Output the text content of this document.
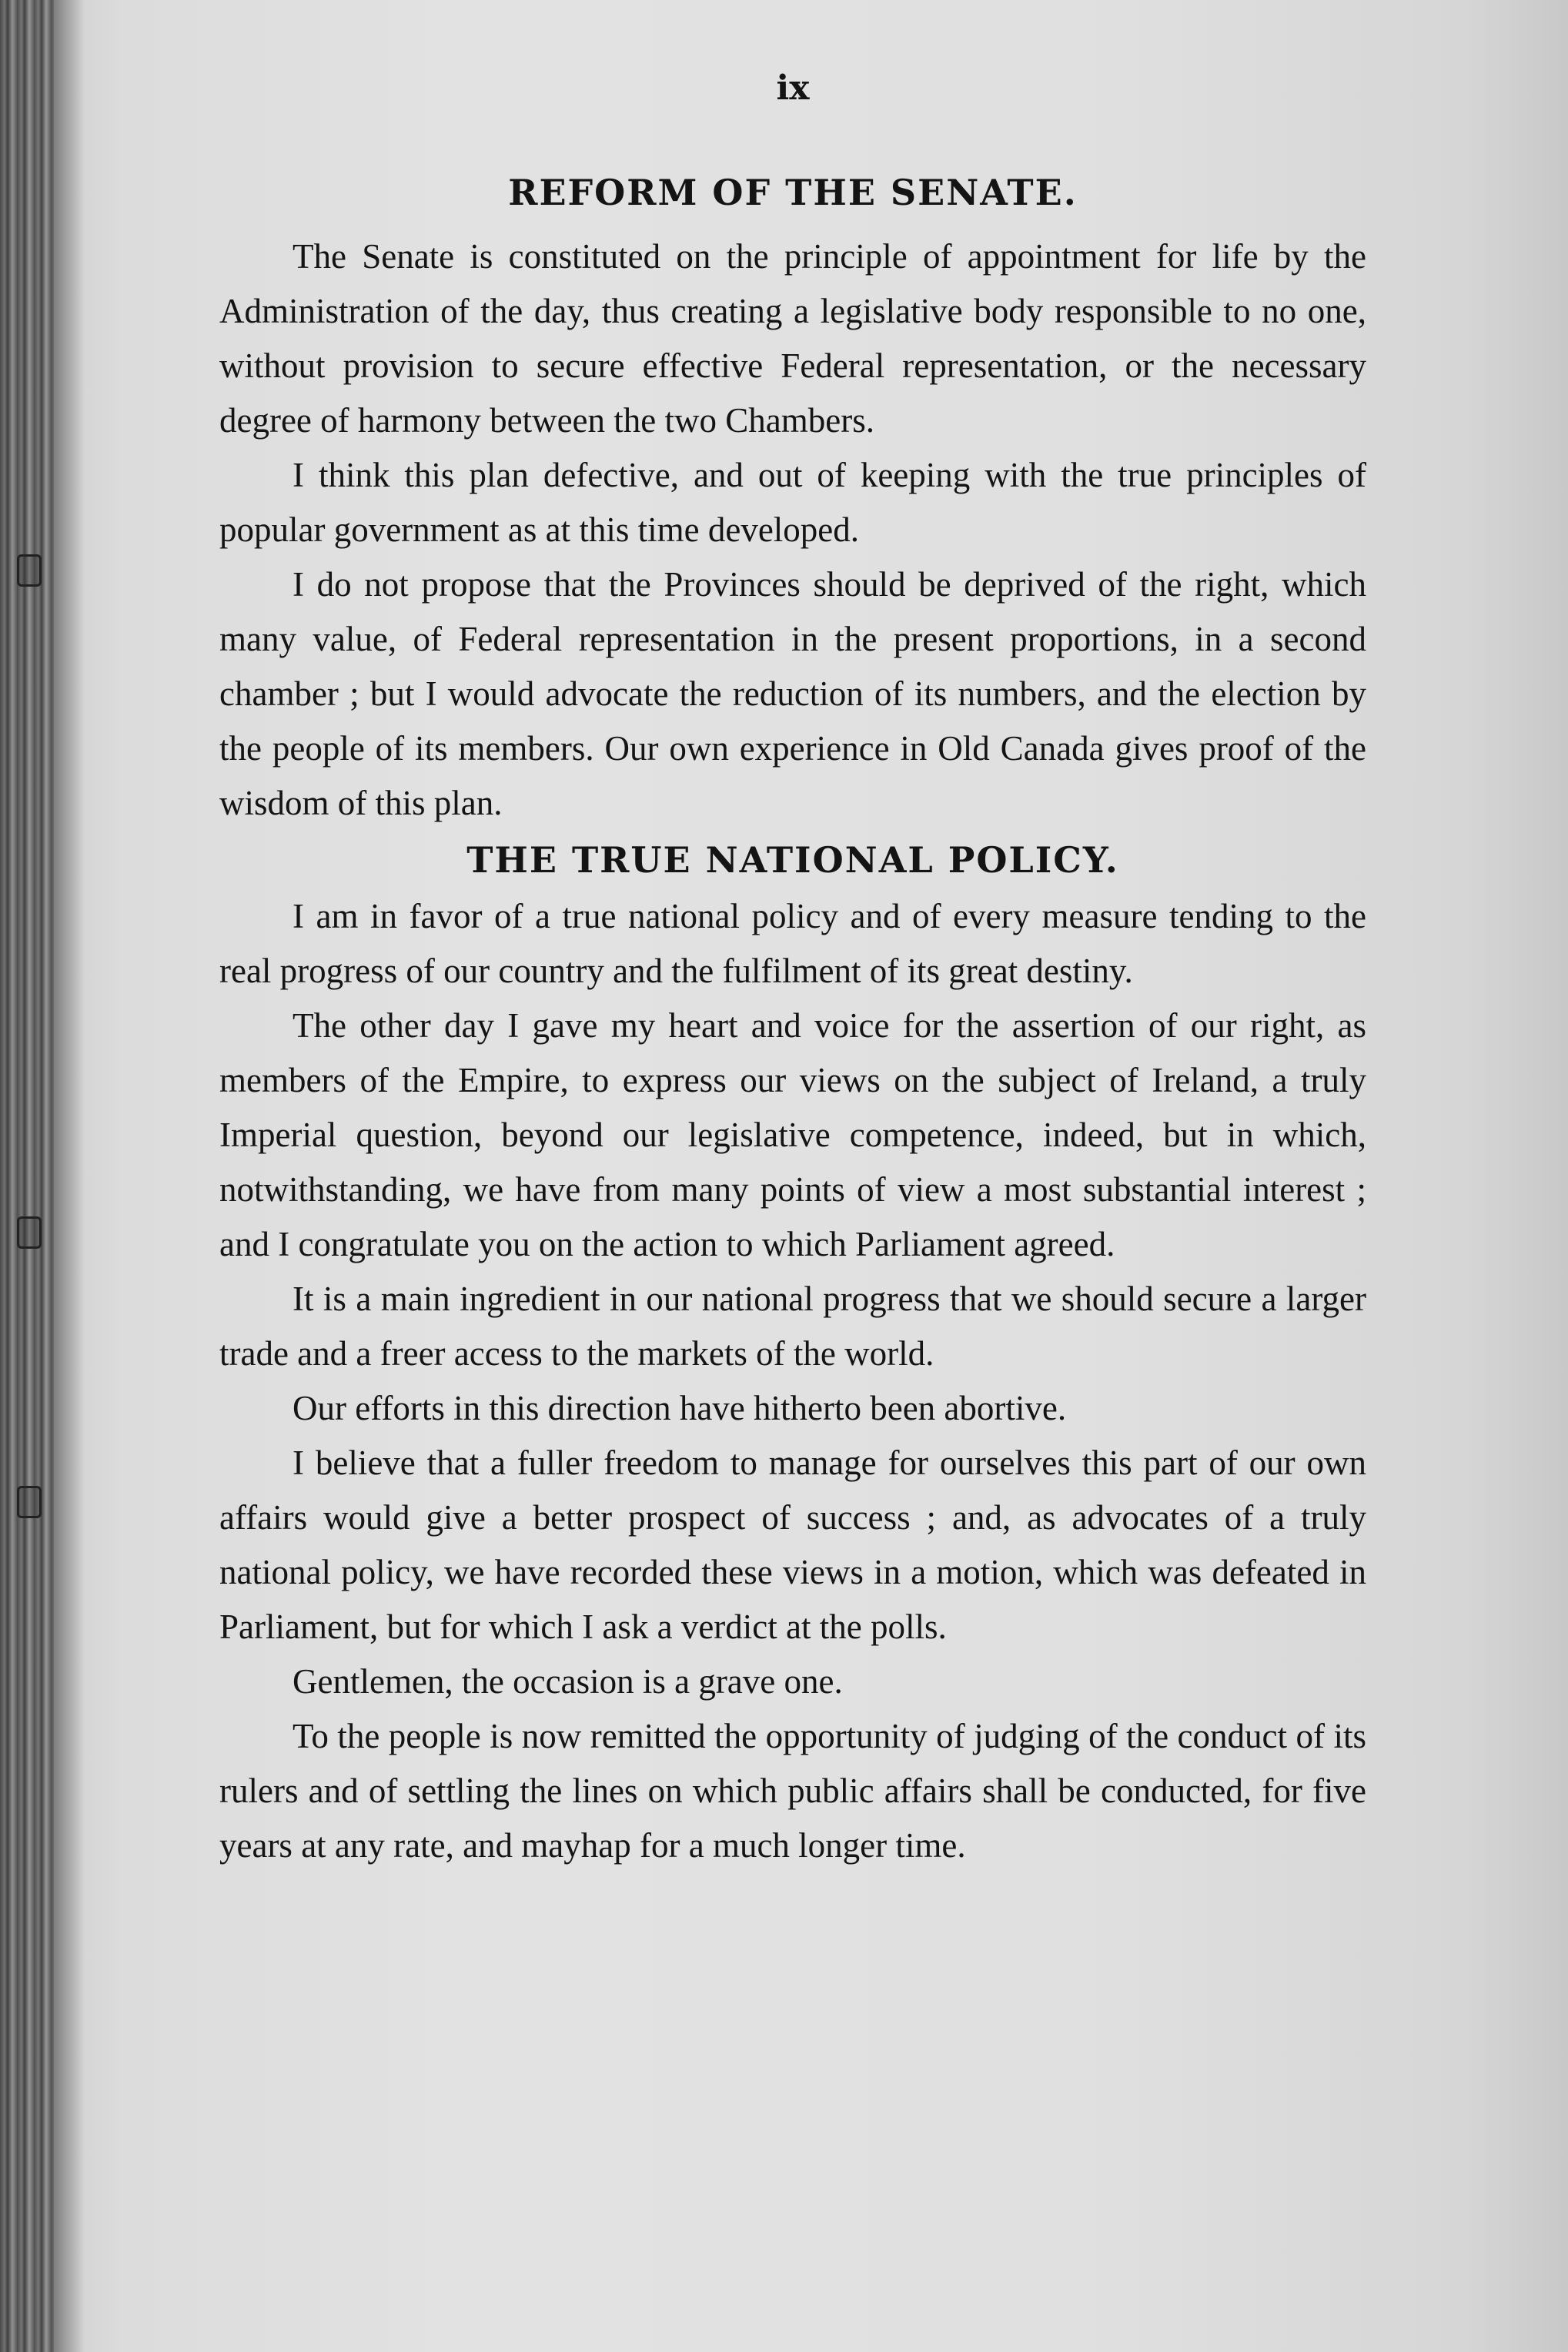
ix
REFORM OF THE SENATE.

The Senate is constituted on the principle of appointment for life by the Administration of the day, thus creating a legislative body responsible to no one, without provision to secure effective Federal representation, or the necessary degree of harmony between the two Chambers.

I think this plan defective, and out of keeping with the true principles of popular government as at this time developed.

I do not propose that the Provinces should be deprived of the right, which many value, of Federal representation in the present proportions, in a second chamber ; but I would advocate the reduction of its numbers, and the election by the people of its members. Our own experience in Old Canada gives proof of the wisdom of this plan.

THE TRUE NATIONAL POLICY.

I am in favor of a true national policy and of every measure tending to the real progress of our country and the fulfilment of its great destiny.

The other day I gave my heart and voice for the assertion of our right, as members of the Empire, to express our views on the subject of Ireland, a truly Imperial question, beyond our legislative competence, indeed, but in which, notwithstanding, we have from many points of view a most substantial interest ; and I congratulate you on the action to which Parliament agreed.

It is a main ingredient in our national progress that we should secure a larger trade and a freer access to the markets of the world.

Our efforts in this direction have hitherto been abortive.

I believe that a fuller freedom to manage for ourselves this part of our own affairs would give a better prospect of success ; and, as advocates of a truly national policy, we have recorded these views in a motion, which was defeated in Parliament, but for which I ask a verdict at the polls.

Gentlemen, the occasion is a grave one.

To the people is now remitted the opportunity of judging of the conduct of its rulers and of settling the lines on which public affairs shall be conducted, for five years at any rate, and mayhap for a much longer time.
